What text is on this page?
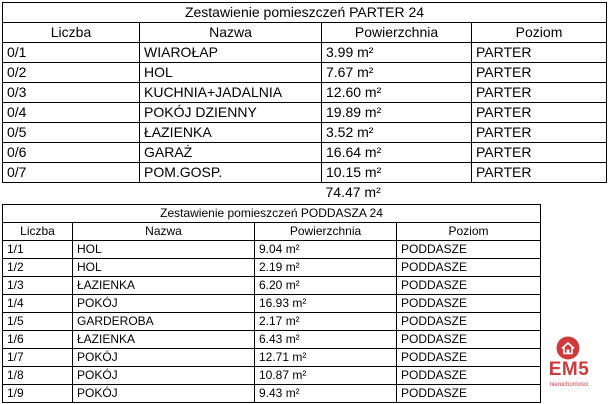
Zestawienie pomieszczeń PARTER 24			
Liczba	Nazwa	Powierzchnia	Poziom
0/1	WIAROŁAP	3.99 m²	PARTER
0/2	HOL	7.67 m²	PARTER
0/3	KUCHNIA+JADALNIA	12.60 m²	PARTER
0/4	POKÓJ DZIENNY	19.89 m²	PARTER
0/5	ŁAZIENKA	3.52 m²	PARTER
0/6	GARAŻ	16.64 m²	PARTER
0/7	POM.GOSP.	10.15 m²	PARTER
		74.47 m²	
Zestawienie pomieszczeń PODDASZA 24			
Liczba	Nazwa	Powierzchnia	Poziom
1/1	HOL	9.04 m²	PODDASZE
1/2	HOL	2.19 m²	PODDASZE
1/3	ŁAZIENKA	6.20 m²	PODDASZE
1/4	POKÓJ	16.93 m²	PODDASZE
1/5	GARDEROBA	2.17 m²	PODDASZE
1/6	ŁAZIENKA	6.43 m²	PODDASZE
1/7	POKÓJ	12.71 m²	PODDASZE
1/8	POKÓJ	10.87 m²	PODDASZE
1/9	POKÓJ	9.43 m²	PODDASZE
EM5
nieruchomości
